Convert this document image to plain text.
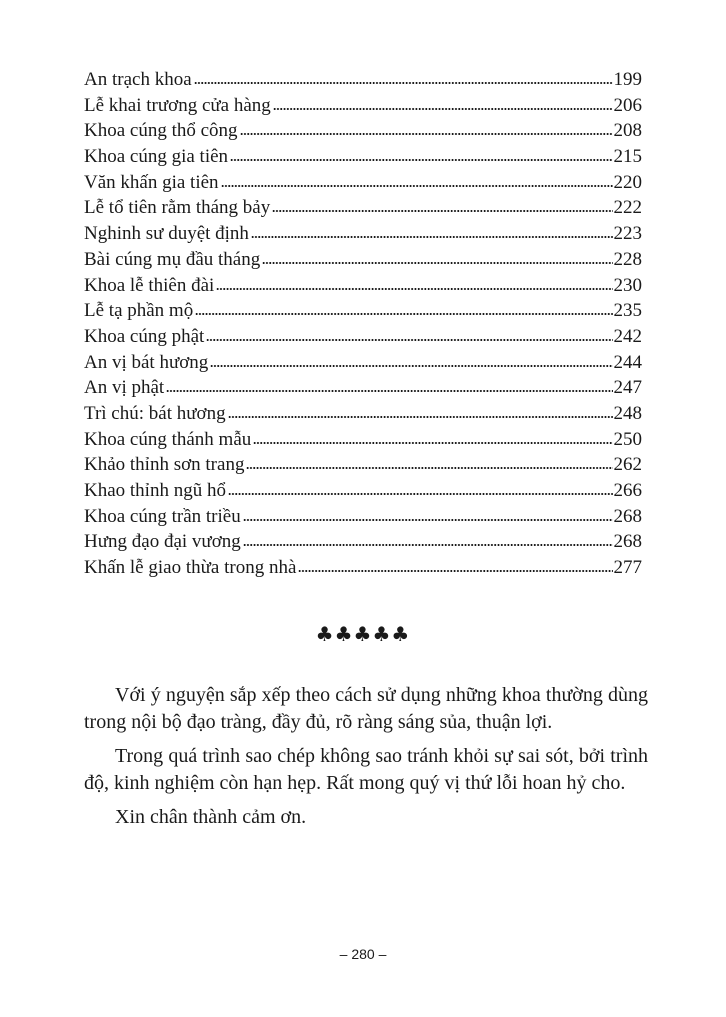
An trạch khoa	199
Lễ khai trương cửa hàng	206
Khoa cúng thổ công	208
Khoa cúng gia tiên	215
Văn khấn gia tiên	220
Lễ tổ tiên rằm tháng bảy	222
Nghinh sư duyệt định	223
Bài cúng mụ đầu tháng	228
Khoa lễ thiên đài	230
Lễ tạ phần mộ	235
Khoa cúng phật	242
An vị bát hương	244
An vị phật	247
Trì chú: bát hương	248
Khoa cúng thánh mẫu	250
Khảo thỉnh sơn trang	262
Khao thỉnh ngũ hổ	266
Khoa cúng trần triều	268
Hưng đạo đại vương	268
Khấn lễ giao thừa trong nhà	277
♣♣♣♣♣

Với ý nguyện sắp xếp theo cách sử dụng những khoa thường dùng trong nội bộ đạo tràng, đầy đủ, rõ ràng sáng sủa, thuận lợi.

Trong quá trình sao chép không sao tránh khỏi sự sai sót, bởi trình độ, kinh nghiệm còn hạn hẹp. Rất mong quý vị thứ lỗi hoan hỷ cho.

Xin chân thành cảm ơn.

– 280 –
